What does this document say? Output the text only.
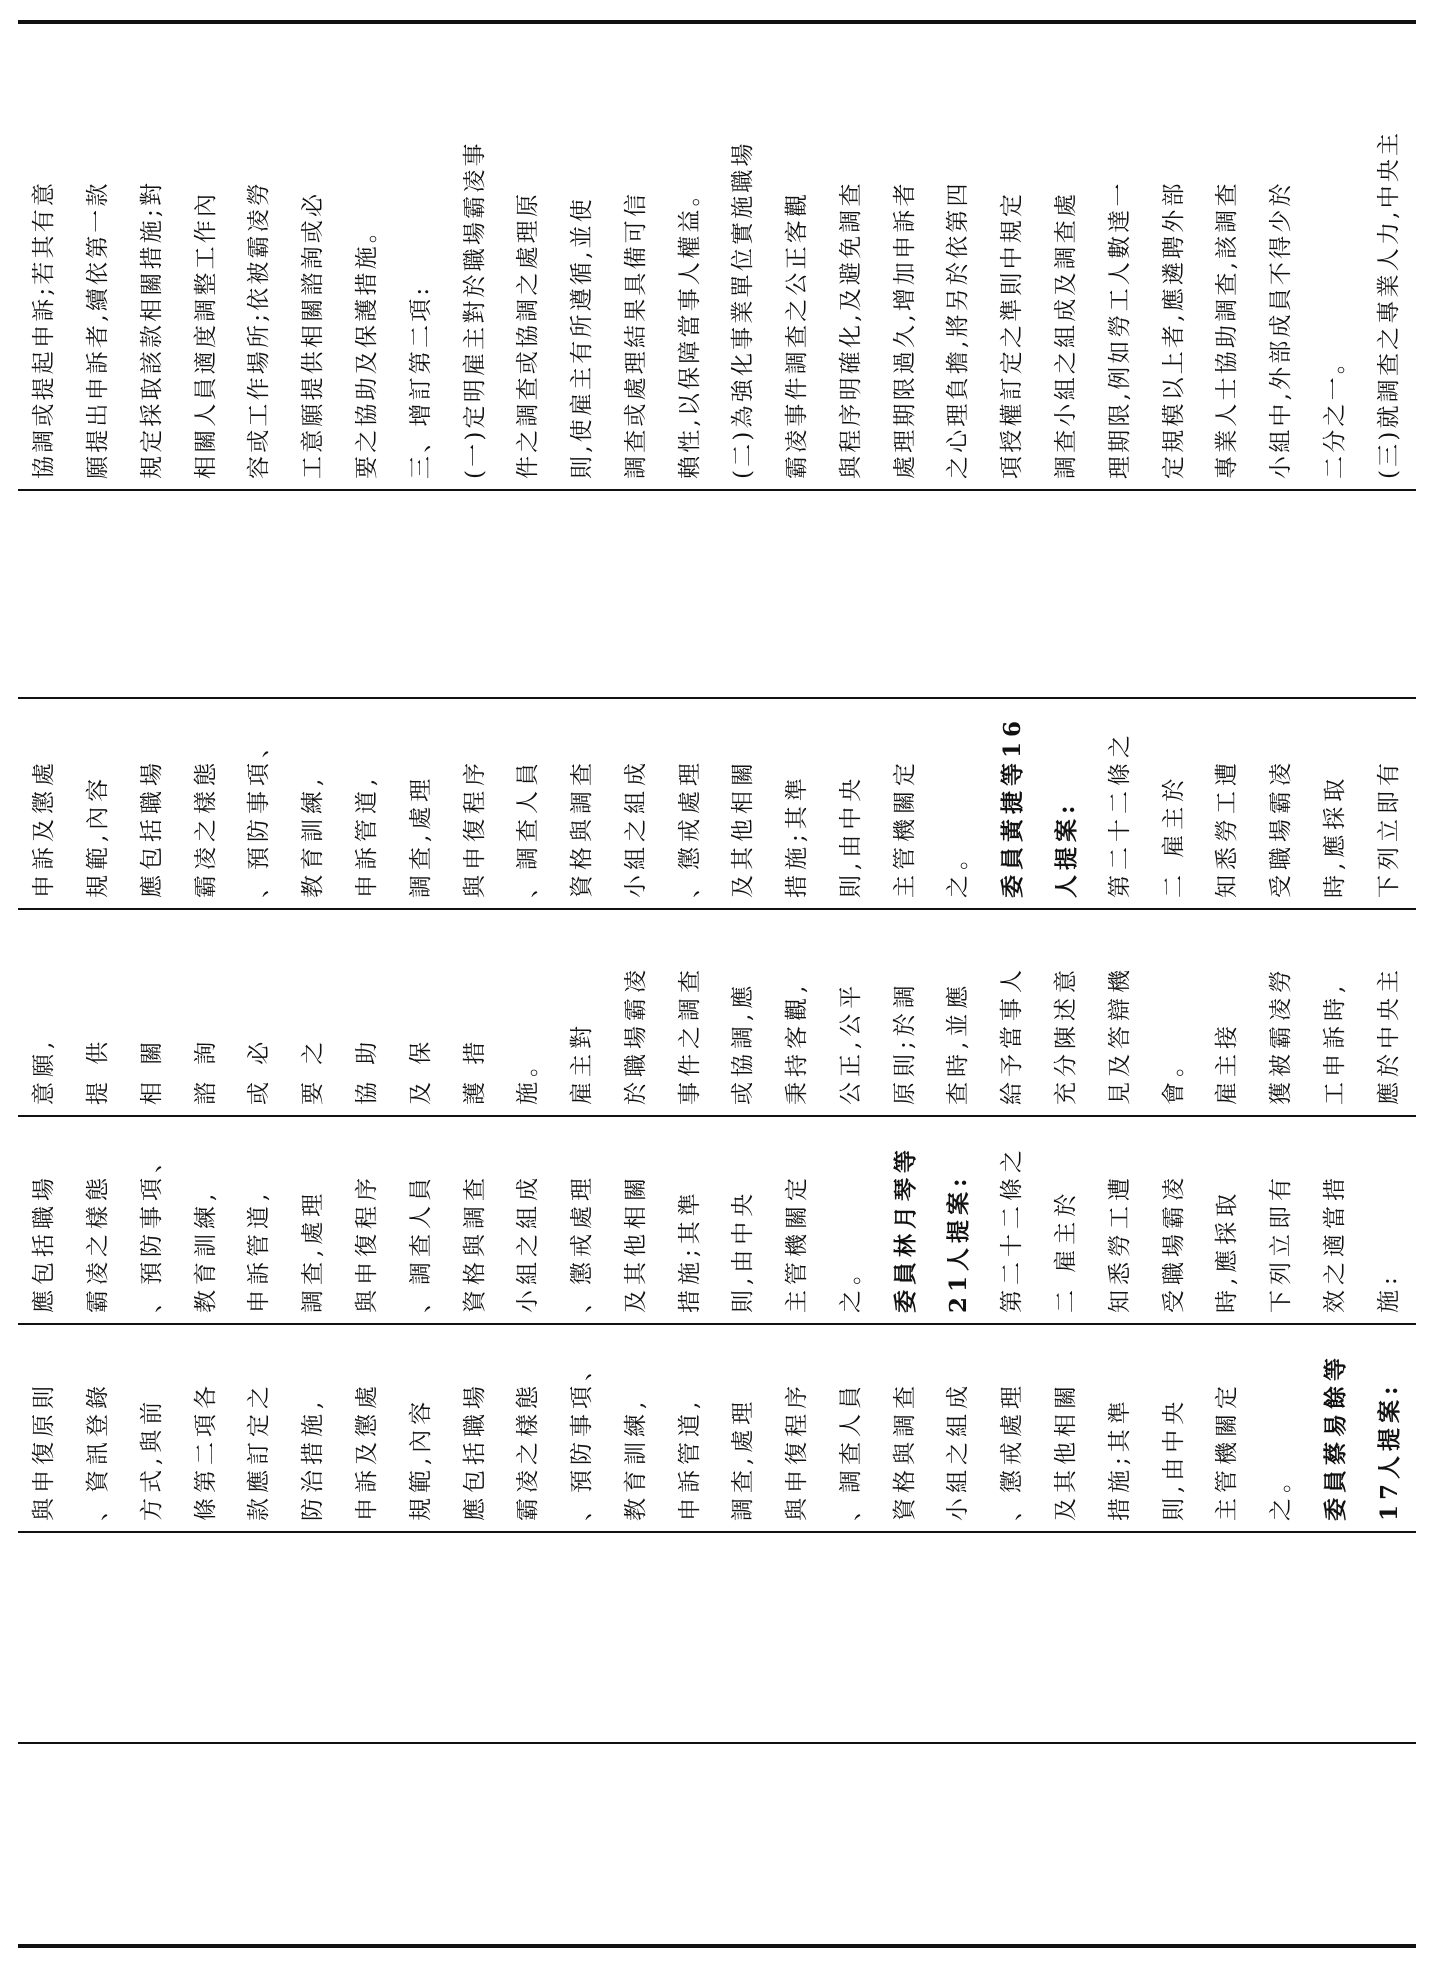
協調或提起申訴;若其有意 願提出申訴者,續依第一款 規定採取該款相關措施;對 相關人員適度調整工作內 容或工作場所;依被霸凌勞 工意願提供相關諮詢或必 要之協助及保護措施。 三、增訂第二項: (一)定明雇主對於職場霸凌事 件之調查或協調之處理原 則,使雇主有所遵循,並使 調查或處理結果具備可信 賴性,以保障當事人權益。 (二)為強化事業單位實施職場 霸凌事件調查之公正客觀 與程序明確化,及避免調查 處理期限過久,增加申訴者 之心理負擔,將另於依第四 項授權訂定之準則中規定 調查小組之組成及調查處 理期限,例如勞工人數達一 定規模以上者,應遴聘外部 專業人士協助調查,該調查 小組中,外部成員不得少於 二分之一。 (三)就調查之專業人力,中央主
與申復原則 、資訊登錄 方式,與前 條第二項各 款應訂定之 防治措施, 申訴及懲處 規範,內容 應包括職場 霸凌之樣態 、預防事項、 教育訓練, 申訴管道, 調查,處理 與申復程序 、調查人員 資格與調查 小組之組成 、懲戒處理 及其他相關 措施;其準 則,由中央 主管機關定 之。 委員蔡易餘等 17人提案:
應包括職場 霸凌之樣態 、預防事項、 教育訓練, 申訴管道, 調查,處理 與申復程序 、調查人員 資格與調查 小組之組成 、懲戒處理 及其他相關 措施;其準 則,由中央 主管機關定 之。 委員林月琴等 21人提案: 第二十二條之 二 雇主於 知悉勞工遭 受職場霸凌 時,應採取 下列立即有 效之適當措 施:
意願, 提 供 相 關 諮 詢 或 必 要 之 協 助 及 保 護 措 施。 雇主對 於職場霸凌 事件之調查 或協調,應 秉持客觀, 公正,公平 原則;於調 查時,並應 給予當事人 充分陳述意 見及答辯機 會。 雇主接 獲被霸凌勞 工申訴時, 應於中央主
申訴及懲處 規範,內容 應包括職場 霸凌之樣態 、預防事項、 教育訓練, 申訴管道, 調查,處理 與申復程序 、調查人員 資格與調查 小組之組成 、懲戒處理 及其他相關 措施;其準 則,由中央 主管機關定 之。 委員黃捷等16 人提案: 第二十二條之 二 雇主於 知悉勞工遭 受職場霸凌 時,應採取 下列立即有
